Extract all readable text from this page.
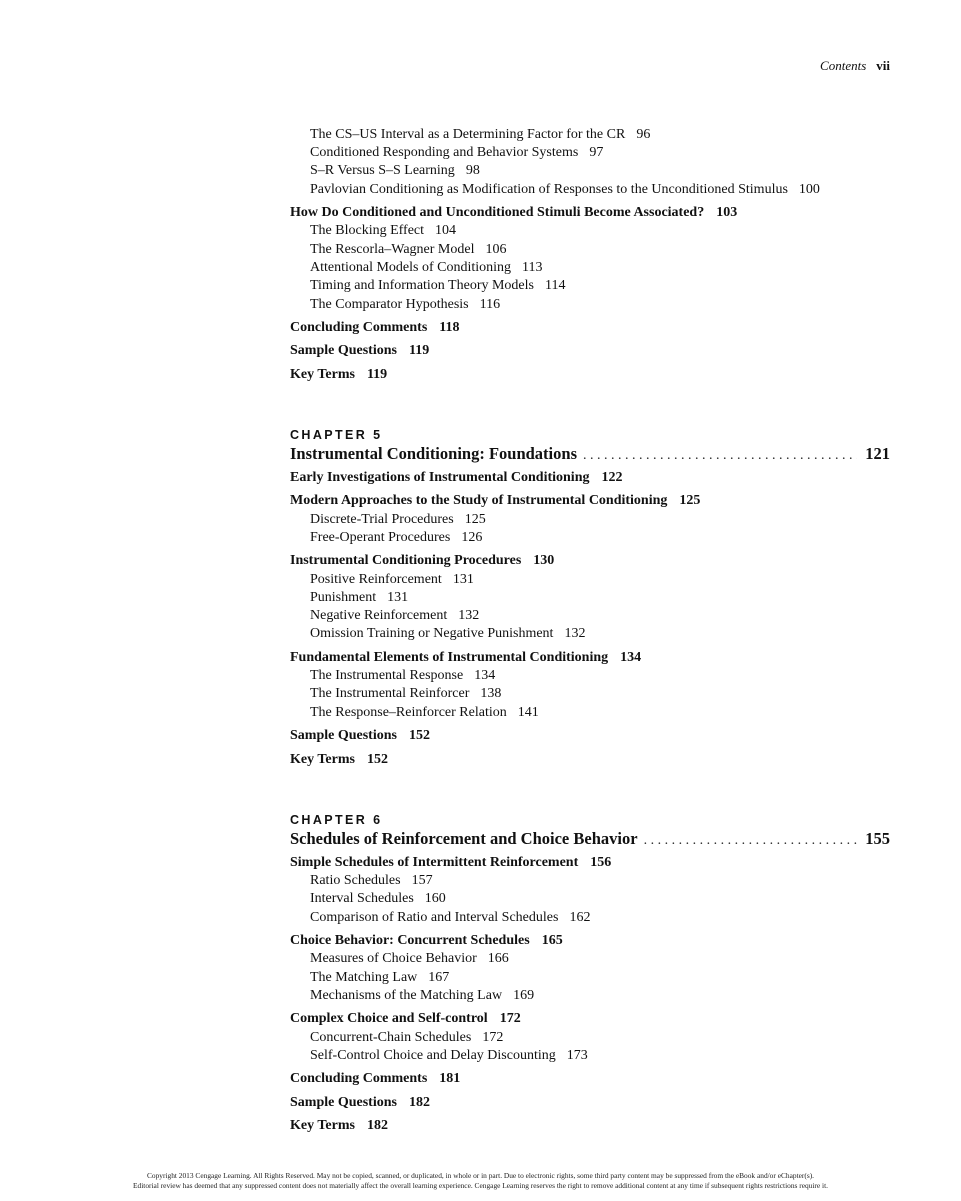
Contents vii
The CS–US Interval as a Determining Factor for the CR 96
Conditioned Responding and Behavior Systems 97
S–R Versus S–S Learning 98
Pavlovian Conditioning as Modification of Responses to the Unconditioned Stimulus 100
How Do Conditioned and Unconditioned Stimuli Become Associated? 103
The Blocking Effect 104
The Rescorla–Wagner Model 106
Attentional Models of Conditioning 113
Timing and Information Theory Models 114
The Comparator Hypothesis 116
Concluding Comments 118
Sample Questions 119
Key Terms 119
CHAPTER 5
Instrumental Conditioning: Foundations . . .	121
Early Investigations of Instrumental Conditioning 122
Modern Approaches to the Study of Instrumental Conditioning 125
Discrete-Trial Procedures 125
Free-Operant Procedures 126
Instrumental Conditioning Procedures 130
Positive Reinforcement 131
Punishment 131
Negative Reinforcement 132
Omission Training or Negative Punishment 132
Fundamental Elements of Instrumental Conditioning 134
The Instrumental Response 134
The Instrumental Reinforcer 138
The Response–Reinforcer Relation 141
Sample Questions 152
Key Terms 152
CHAPTER 6
Schedules of Reinforcement and Choice Behavior . . .	155
Simple Schedules of Intermittent Reinforcement 156
Ratio Schedules 157
Interval Schedules 160
Comparison of Ratio and Interval Schedules 162
Choice Behavior: Concurrent Schedules 165
Measures of Choice Behavior 166
The Matching Law 167
Mechanisms of the Matching Law 169
Complex Choice and Self-control 172
Concurrent-Chain Schedules 172
Self-Control Choice and Delay Discounting 173
Concluding Comments 181
Sample Questions 182
Key Terms 182
Copyright 2013 Cengage Learning. All Rights Reserved. May not be copied, scanned, or duplicated, in whole or in part. Due to electronic rights, some third party content may be suppressed from the eBook and/or eChapter(s).
Editorial review has deemed that any suppressed content does not materially affect the overall learning experience. Cengage Learning reserves the right to remove additional content at any time if subsequent rights restrictions require it.
